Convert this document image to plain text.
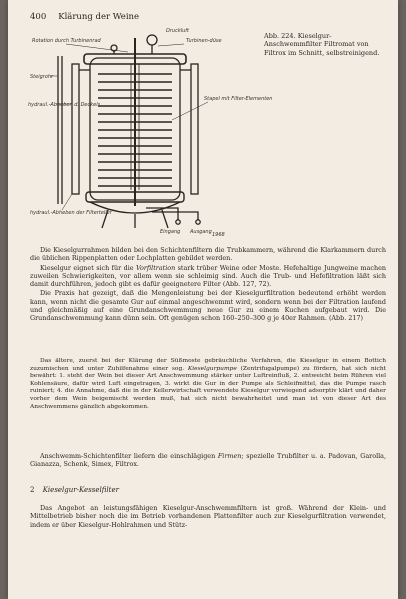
400 Klärung der Weine
Druckluft
Turbinen-düse
Rotation durch Turbinenrad
Steigrohr
hydraul.-Abheben d. Deckels
Stapel mit Filter-Elementen
hydraul.-Abheben der Filterteller
Eingang Ausgang 1968
Abb. 224. Kieselgur-Anschwemmfilter Filtromat von Filtrox im Schnitt, selbstreinigend.

Die Kieselgurrahmen bilden bei den Schichtenfiltern die Trubkammern, während die Klarkammern durch die üblichen Rippenplatten oder Lochplatten gebildet werden.

Kieselgur eignet sich für die Vorfiltration stark trüber Weine oder Moste. Hefehaltige Jungweine machen zuweilen Schwierigkeiten, vor allem wenn sie schleimig sind. Auch die Trub- und Hefefiltration läßt sich damit durchführen, jedoch gibt es dafür geeignetere Filter (Abb. 127, 72).

Die Praxis hat gezeigt, daß die Mengenleistung bei der Kieselgurfiltration bedeutend erhöht werden kann, wenn nicht die gesamte Gur auf einmal angeschwemmt wird, sondern wenn bei der Filtration laufend und gleichmäßig auf eine Grundanschwemmung neue Gur zu einem Kuchen aufgebaut wird. Die Grundanschwemmung kann dünn sein. Oft genügen schon 160–250–300 g je 40er Rahmen. (Abb. 217)

Das ältere, zuerst bei der Klärung der Süßmoste gebräuchliche Verfahren, die Kieselgur in einem Bottich zuzumischen und unter Zuhilfenahme einer sog. Kieselgurpumpe (Zentrifugalpumpe) zu fördern, hat sich nicht bewährt: 1. steht der Wein bei dieser Art Anschwemmung stärker unter Luftreinfluß, 2. entweicht beim Rühren viel Kohlensäure, dafür wird Luft eingetragen, 3. wirkt die Gur in der Pumpe als Schleifmittel, das die Pumpe rasch ruiniert; 4. die Annahme, daß die in der Kellerwirtschaft verwendete Kieselgur vorwiegend adsorptiv klärt und daher vorher dem Wein beigemischt werden muß, hat sich nicht bewahrheitet und man ist von dieser Art des Anschwemmens gänzlich abgekommen.

Anschwemm-Schichtenfilter liefern die einschlägigen Firmen; spezielle Trubfilter u. a. Padovan, Garolla, Gianazza, Schenk, Simex, Filtrox.

2 Kieselgur-Kesselfilter

Das Angebot an leistungsfähigen Kieselgur-Anschwemmfiltern ist groß. Während der Klein- und Mittelbetrieb bisher noch die im Betrieb vorhandenen Plattenfilter auch zur Kieselgurfiltration verwendet, indem er über Kieselgur-Hohlrahmen und Stütz-
